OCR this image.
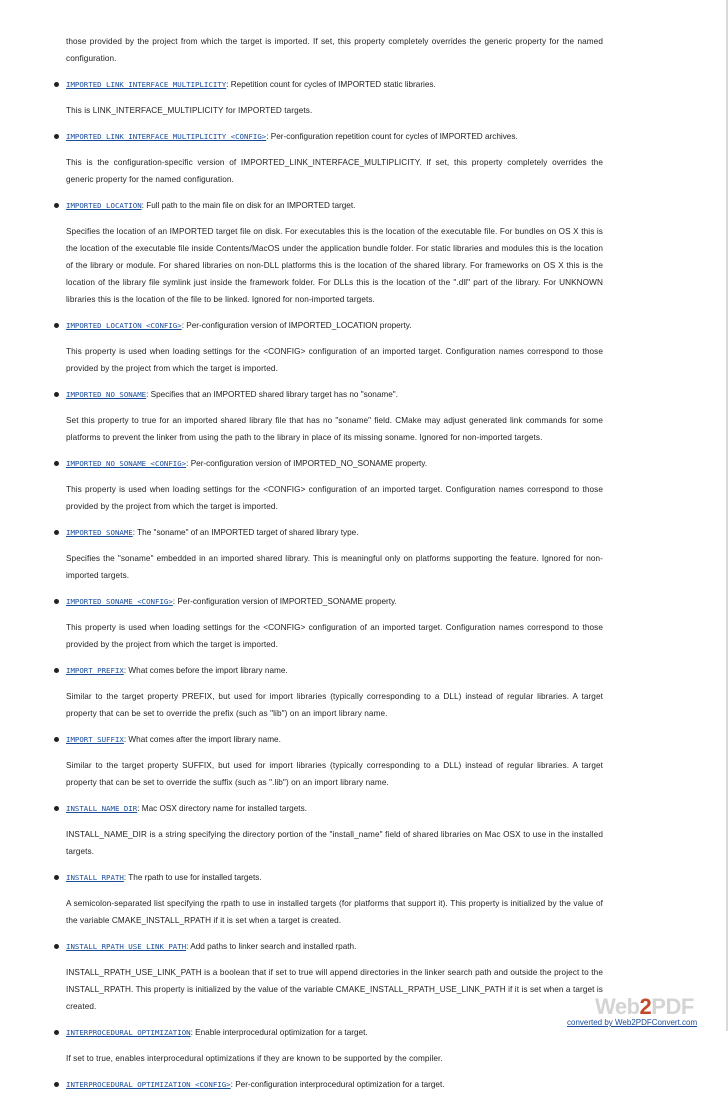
those provided by the project from which the target is imported. If set, this property completely overrides the generic property for the named configuration.

IMPORTED_LINK_INTERFACE_MULTIPLICITY: Repetition count for cycles of IMPORTED static libraries.

This is LINK_INTERFACE_MULTIPLICITY for IMPORTED targets.

IMPORTED_LINK_INTERFACE_MULTIPLICITY_<CONFIG>: Per-configuration repetition count for cycles of IMPORTED archives.

This is the configuration-specific version of IMPORTED_LINK_INTERFACE_MULTIPLICITY. If set, this property completely overrides the generic property for the named configuration.

IMPORTED_LOCATION: Full path to the main file on disk for an IMPORTED target.

Specifies the location of an IMPORTED target file on disk. For executables this is the location of the executable file. For bundles on OS X this is the location of the executable file inside Contents/MacOS under the application bundle folder. For static libraries and modules this is the location of the library or module. For shared libraries on non-DLL platforms this is the location of the shared library. For frameworks on OS X this is the location of the library file symlink just inside the framework folder. For DLLs this is the location of the ".dll" part of the library. For UNKNOWN libraries this is the location of the file to be linked. Ignored for non-imported targets.

IMPORTED_LOCATION_<CONFIG>: Per-configuration version of IMPORTED_LOCATION property.

This property is used when loading settings for the <CONFIG> configuration of an imported target. Configuration names correspond to those provided by the project from which the target is imported.

IMPORTED_NO_SONAME: Specifies that an IMPORTED shared library target has no "soname".

Set this property to true for an imported shared library file that has no "soname" field. CMake may adjust generated link commands for some platforms to prevent the linker from using the path to the library in place of its missing soname. Ignored for non-imported targets.

IMPORTED_NO_SONAME_<CONFIG>: Per-configuration version of IMPORTED_NO_SONAME property.

This property is used when loading settings for the <CONFIG> configuration of an imported target. Configuration names correspond to those provided by the project from which the target is imported.

IMPORTED_SONAME: The "soname" of an IMPORTED target of shared library type.

Specifies the "soname" embedded in an imported shared library. This is meaningful only on platforms supporting the feature. Ignored for non-imported targets.

IMPORTED_SONAME_<CONFIG>: Per-configuration version of IMPORTED_SONAME property.

This property is used when loading settings for the <CONFIG> configuration of an imported target. Configuration names correspond to those provided by the project from which the target is imported.

IMPORT_PREFIX: What comes before the import library name.

Similar to the target property PREFIX, but used for import libraries (typically corresponding to a DLL) instead of regular libraries. A target property that can be set to override the prefix (such as "lib") on an import library name.

IMPORT_SUFFIX: What comes after the import library name.

Similar to the target property SUFFIX, but used for import libraries (typically corresponding to a DLL) instead of regular libraries. A target property that can be set to override the suffix (such as ".lib") on an import library name.

INSTALL_NAME_DIR: Mac OSX directory name for installed targets.

INSTALL_NAME_DIR is a string specifying the directory portion of the "install_name" field of shared libraries on Mac OSX to use in the installed targets.

INSTALL_RPATH: The rpath to use for installed targets.

A semicolon-separated list specifying the rpath to use in installed targets (for platforms that support it). This property is initialized by the value of the variable CMAKE_INSTALL_RPATH if it is set when a target is created.

INSTALL_RPATH_USE_LINK_PATH: Add paths to linker search and installed rpath.

INSTALL_RPATH_USE_LINK_PATH is a boolean that if set to true will append directories in the linker search path and outside the project to the INSTALL_RPATH. This property is initialized by the value of the variable CMAKE_INSTALL_RPATH_USE_LINK_PATH if it is set when a target is created.

INTERPROCEDURAL_OPTIMIZATION: Enable interprocedural optimization for a target.

If set to true, enables interprocedural optimizations if they are known to be supported by the compiler.

INTERPROCEDURAL_OPTIMIZATION_<CONFIG>: Per-configuration interprocedural optimization for a target.
Web2PDF
converted by Web2PDFConvert.com
